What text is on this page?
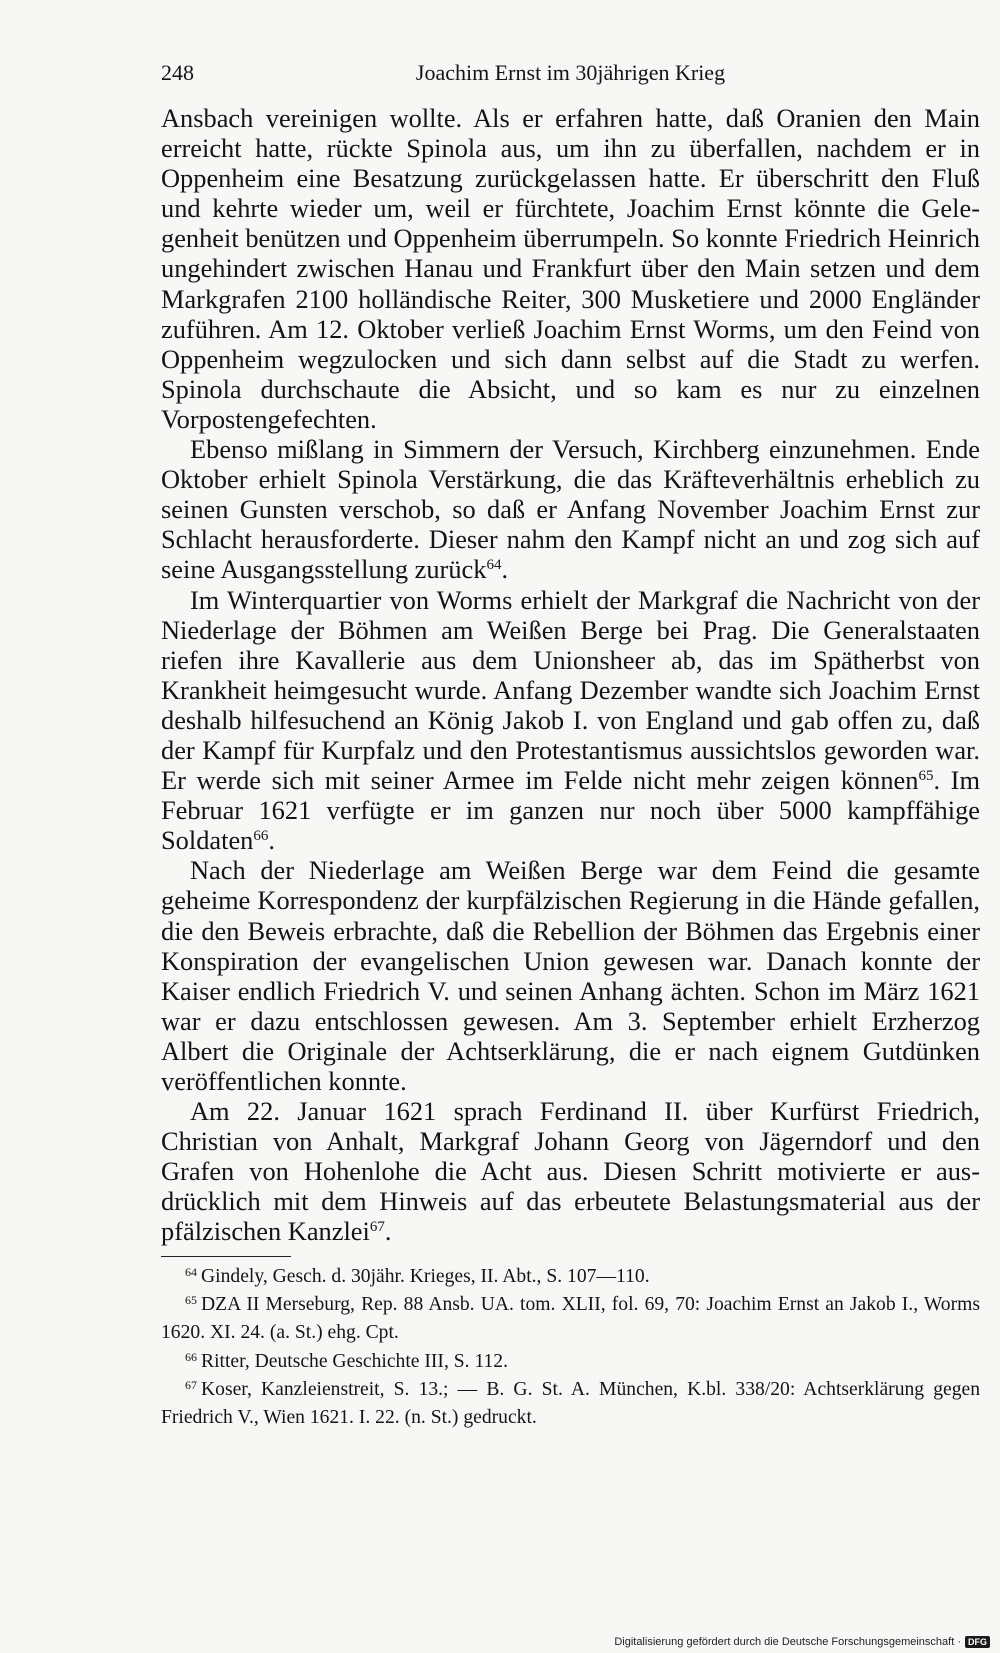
248	Joachim Ernst im 30jährigen Krieg

Ansbach vereinigen wollte. Als er erfahren hatte, daß Oranien den Main erreicht hatte, rückte Spinola aus, um ihn zu überfallen, nachdem er in Oppenheim eine Besatzung zurückgelassen hatte. Er überschritt den Fluß und kehrte wieder um, weil er fürchtete, Joachim Ernst könnte die Gelegenheit benützen und Oppenheim überrumpeln. So konnte Friedrich Heinrich ungehindert zwischen Hanau und Frankfurt über den Main setzen und dem Markgrafen 2100 holländische Reiter, 300 Musketiere und 2000 Engländer zuführen. Am 12. Oktober verließ Joachim Ernst Worms, um den Feind von Oppenheim wegzulocken und sich dann selbst auf die Stadt zu werfen. Spinola durchschaute die Absicht, und so kam es nur zu einzelnen Vorpostengefechten.

Ebenso mißlang in Simmern der Versuch, Kirchberg einzunehmen. Ende Oktober erhielt Spinola Verstärkung, die das Kräfteverhältnis erheblich zu seinen Gunsten verschob, so daß er Anfang November Joachim Ernst zur Schlacht herausforderte. Dieser nahm den Kampf nicht an und zog sich auf seine Ausgangsstellung zurück$^{64}$.

Im Winterquartier von Worms erhielt der Markgraf die Nachricht von der Niederlage der Böhmen am Weißen Berge bei Prag. Die Generalstaaten riefen ihre Kavallerie aus dem Unionsheer ab, das im Spätherbst von Krankheit heimgesucht wurde. Anfang Dezember wandte sich Joachim Ernst deshalb hilfesuchend an König Jakob I. von England und gab offen zu, daß der Kampf für Kurpfalz und den Protestantismus aussichtslos geworden war. Er werde sich mit seiner Armee im Felde nicht mehr zeigen können$^{65}$. Im Februar 1621 verfügte er im ganzen nur noch über 5000 kampffähige Soldaten$^{66}$.

Nach der Niederlage am Weißen Berge war dem Feind die gesamte geheime Korrespondenz der kurpfälzischen Regierung in die Hände gefallen, die den Beweis erbrachte, daß die Rebellion der Böhmen das Ergebnis einer Konspiration der evangelischen Union gewesen war. Danach konnte der Kaiser endlich Friedrich V. und seinen Anhang ächten. Schon im März 1621 war er dazu entschlossen gewesen. Am 3. September erhielt Erzherzog Albert die Originale der Achtserklärung, die er nach eignem Gutdünken veröffentlichen konnte.

Am 22. Januar 1621 sprach Ferdinand II. über Kurfürst Friedrich, Christian von Anhalt, Markgraf Johann Georg von Jägerndorf und den Grafen von Hohenlohe die Acht aus. Diesen Schritt motivierte er ausdrücklich mit dem Hinweis auf das erbeutete Belastungsmaterial aus der pfälzischen Kanzlei$^{67}$.

$^{64}$ Gindely, Gesch. d. 30jähr. Krieges, II. Abt., S. 107—110.

$^{65}$ DZA II Merseburg, Rep. 88 Ansb. UA. tom. XLII, fol. 69, 70: Joachim Ernst an Jakob I., Worms 1620. XI. 24. (a. St.) ehg. Cpt.

$^{66}$ Ritter, Deutsche Geschichte III, S. 112.

$^{67}$ Koser, Kanzleienstreit, S. 13.; — B. G. St. A. München, K.bl. 338/20: Achtserklärung gegen Friedrich V., Wien 1621. I. 22. (n. St.) gedruckt.

Digitalisierung gefördert durch die Deutsche Forschungsgemeinschaft · DFG
